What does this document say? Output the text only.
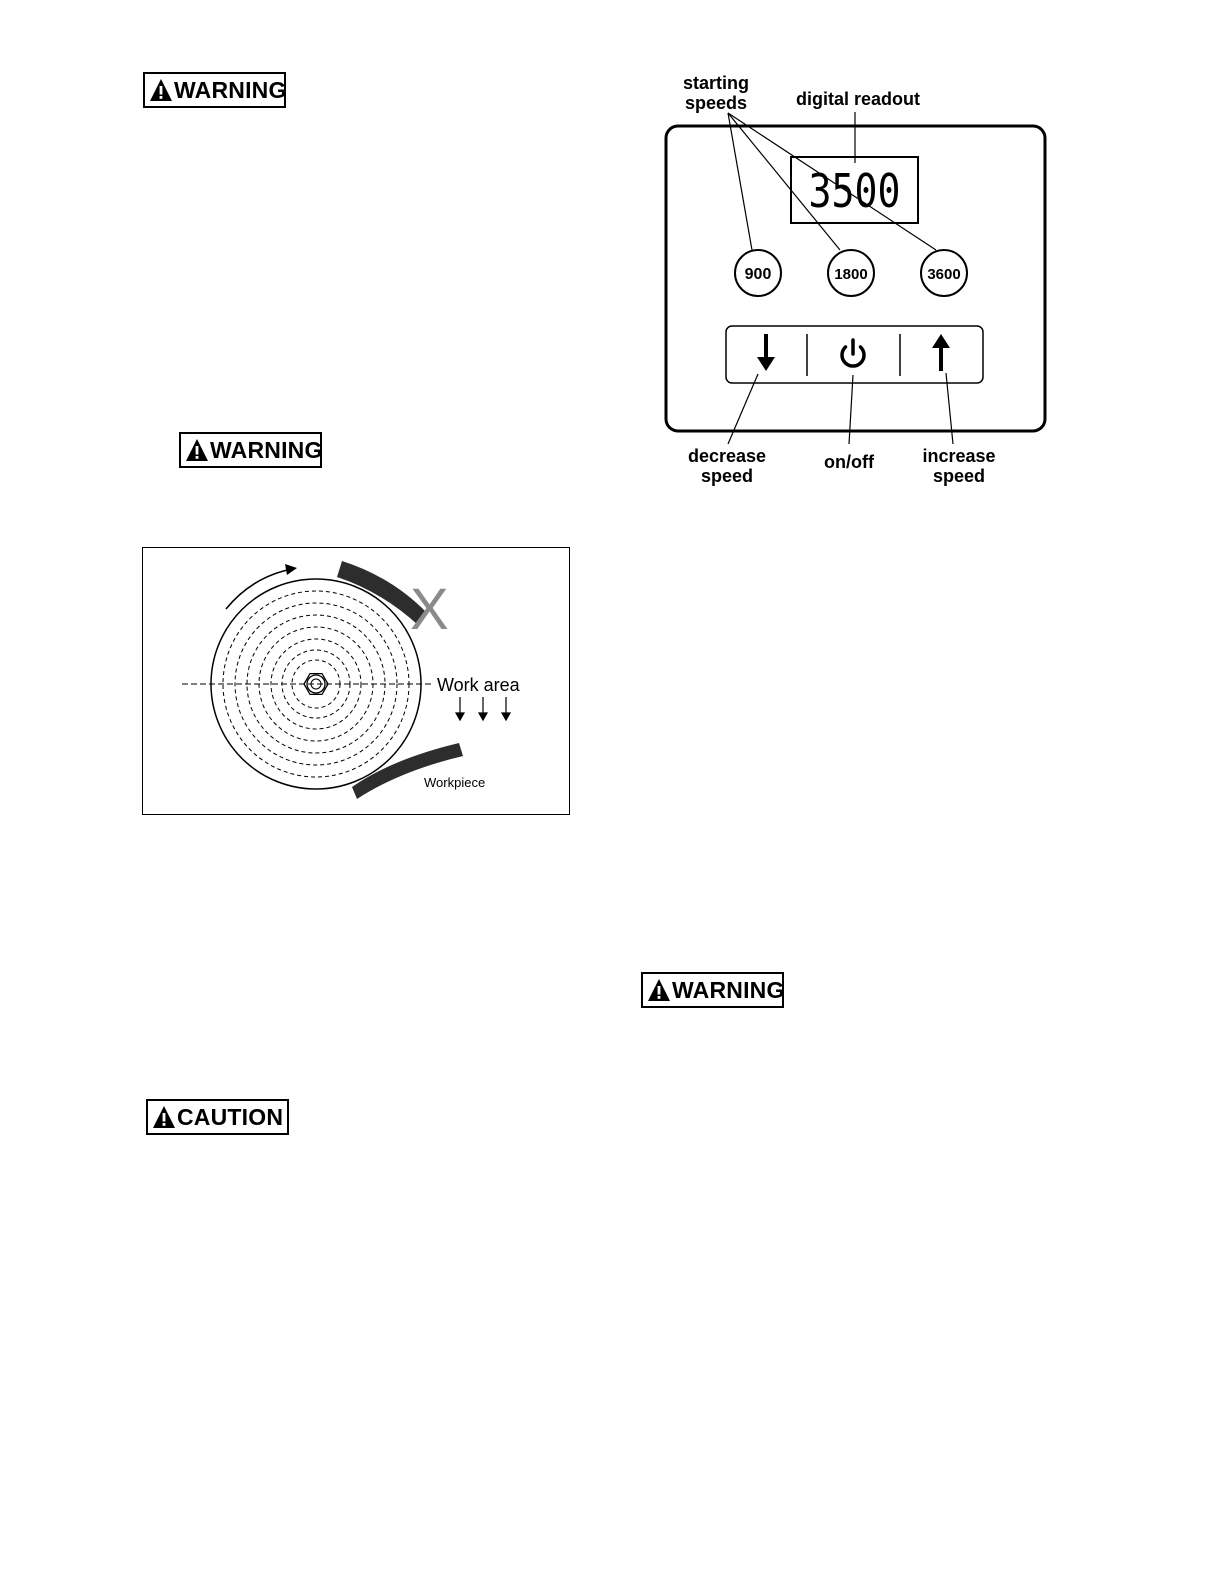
WARNING
WARNING
WARNING
CAUTION
X
Work area
Workpiece
starting
speeds	digital readout
3500
900	1800	3600
decrease
speed
on/off	increase
speed
